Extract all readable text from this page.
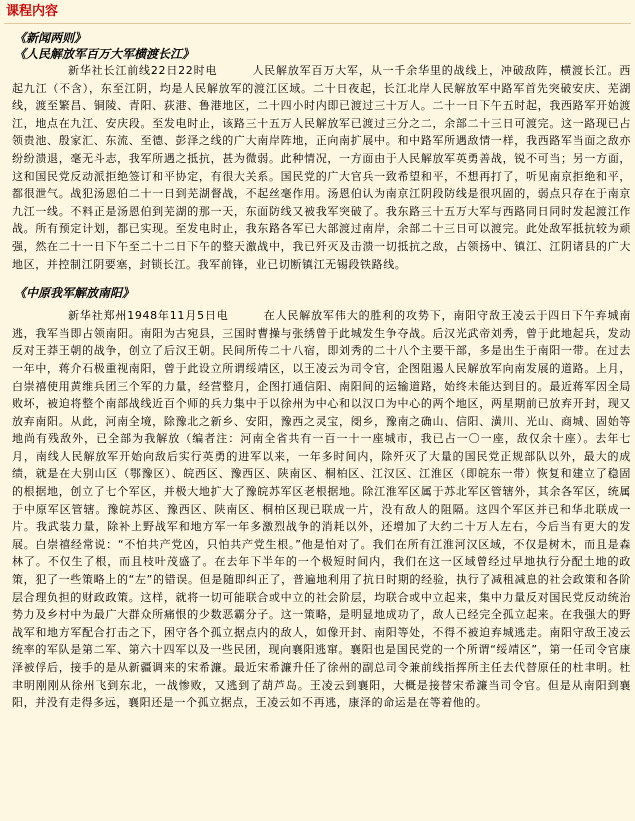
课程内容
《新闻两则》
《人民解放军百万大军横渡长江》
新华社长江前线22日22时电   	人民解放军百万大军，从一千余华里的战线上，冲破敌阵，横渡长江。西起九江（不含），东至江阴，均是人民解放军的渡江区域。二十日夜起，长江北岸人民解放军中路军首先突破安庆、芜湖线，渡至繁昌、铜陵、青阳、荻港、鲁港地区，二十四小时内即已渡过三十万人。二十一日下午五时起，我西路军开始渡江，地点在九江、安庆段。至发电时止，该路三十五万人民解放军已渡过三分之二，余部二十三日可渡完。这一路现已占领贵池、殷家汇、东流、至德、彭泽之线的广大南岸阵地，正向南扩展中。和中路军所遇敌情一样，我西路军当面之敌亦纷纷溃退，毫无斗志，我军所遇之抵抗，甚为微弱。此种情况，一方面由于人民解放军英勇善战，锐不可当；另一方面，这和国民党反动派拒绝签订和平协定，有很大关系。国民党的广大官兵一致希望和平，不想再打了，听见南京拒绝和平，都很泄气。战犯汤恩伯二十一日到芜湖督战，不起丝毫作用。汤恩伯认为南京江阴段防线是很巩固的，弱点只存在于南京九江一线。不料正是汤恩伯到芜湖的那一天，东面防线又被我军突破了。我东路三十五万大军与西路同日同时发起渡江作战。所有预定计划，都已实现。至发电时止，我东路各军已大部渡过南岸，余部二十三日可以渡完。此处敌军抵抗较为顽强，然在二十一日下午至二十二日下午的整天激战中，我已歼灭及击溃一切抵抗之敌，占领扬中、镇江、江阴诸县的广大地区，并控制江阴要塞，封锁长江。我军前锋，业已切断镇江无锡段铁路线。
《中原我军解放南阳》
新华社郑州1948年11月5日电   	在人民解放军伟大的胜利的攻势下，南阳守敌王凌云于四日下午弃城南逃，我军当即占领南阳。南阳为古宛县，三国时曹操与张绣曾于此城发生争夺战。后汉光武帝刘秀，曾于此地起兵，发动反对王莽王朝的战争，创立了后汉王朝。民间所传二十八宿，即刘秀的二十八个主要干部，多是出生于南阳一带。在过去一年中，蒋介石极重视南阳，曾于此设立所谓绥靖区，以王凌云为司令官，企图阻遏人民解放军向南发展的道路。上月，白崇禧使用黄维兵团三个军的力量，经营整月，企图打通信阳、南阳间的运输道路，始终未能达到目的。最近蒋军因全局败坏，被迫将整个南部战线近百个师的兵力集中于以徐州为中心和以汉口为中心的两个地区，两星期前已放弃开封，现又放弃南阳。从此，河南全境，除豫北之新乡、安阳，豫西之灵宝，阌乡，豫南之确山、信阳、潢川、光山、商城、固始等地尚有残敌外，已全部为我解放（编者注：河南全省共有一百一十一座城市，我已占一〇一座，敌仅余十座）。去年七月，南线人民解放军开始向敌后实行英勇的进军以来，一年多时间内，除歼灭了大量的国民党正规部队以外，最大的成绩，就是在大别山区（鄂豫区）、皖西区、豫西区、陕南区、桐柏区、江汉区、江淮区（即皖东一带）恢复和建立了稳固的根据地，创立了七个军区，并极大地扩大了豫皖苏军区老根据地。除江淮军区属于苏北军区管辖外，其余各军区，统属于中原军区管辖。豫皖苏区、豫西区、陕南区、桐柏区现已联成一片，没有敌人的阻隔。这四个军区并已和华北联成一片。我武装力量，除补上野战军和地方军一年多激烈战争的消耗以外，还增加了大约二十万人左右，今后当有更大的发展。白崇禧经常说：“不怕共产党凶，只怕共产党生根。”他是怕对了。我们在所有江淮河汉区域，不仅是树木，而且是森林了。不仅生了根，而且枝叶茂盛了。在去年下半年的一个极短时间内，我们在这一区域曾经过早地执行分配土地的政策，犯了一些策略上的“左”的错误。但是随即纠正了，普遍地利用了抗日时期的经验，执行了减租减息的社会政策和各阶层合理负担的财政政策。这样，就将一切可能联合或中立的社会阶层，均联合或中立起来，集中力量反对国民党反动统治势力及乡村中为最广大群众所痛恨的少数恶霸分子。这一策略，是明显地成功了，敌人已经完全孤立起来。在我强大的野战军和地方军配合打击之下，困守各个孤立据点内的敌人，如像开封、南阳等处，不得不被迫弃城逃走。南阳守敌王凌云统率的军队是第二军、第六十四军以及一些民团，现向襄阳逃窜。襄阳也是国民党的一个所谓“绥靖区”，第一任司令官康泽被俘后，接手的是从新疆调来的宋希濂。最近宋希濂升任了徐州的副总司令兼前线指挥所主任去代替原任的杜聿明。杜聿明刚刚从徐州飞到东北，一战惨败，又逃到了葫芦岛。王凌云到襄阳，大概是接替宋希濂当司令官。但是从南阳到襄阳，并没有走得多远，襄阳还是一个孤立据点，王凌云如不再逃，康泽的命运是在等着他的。
